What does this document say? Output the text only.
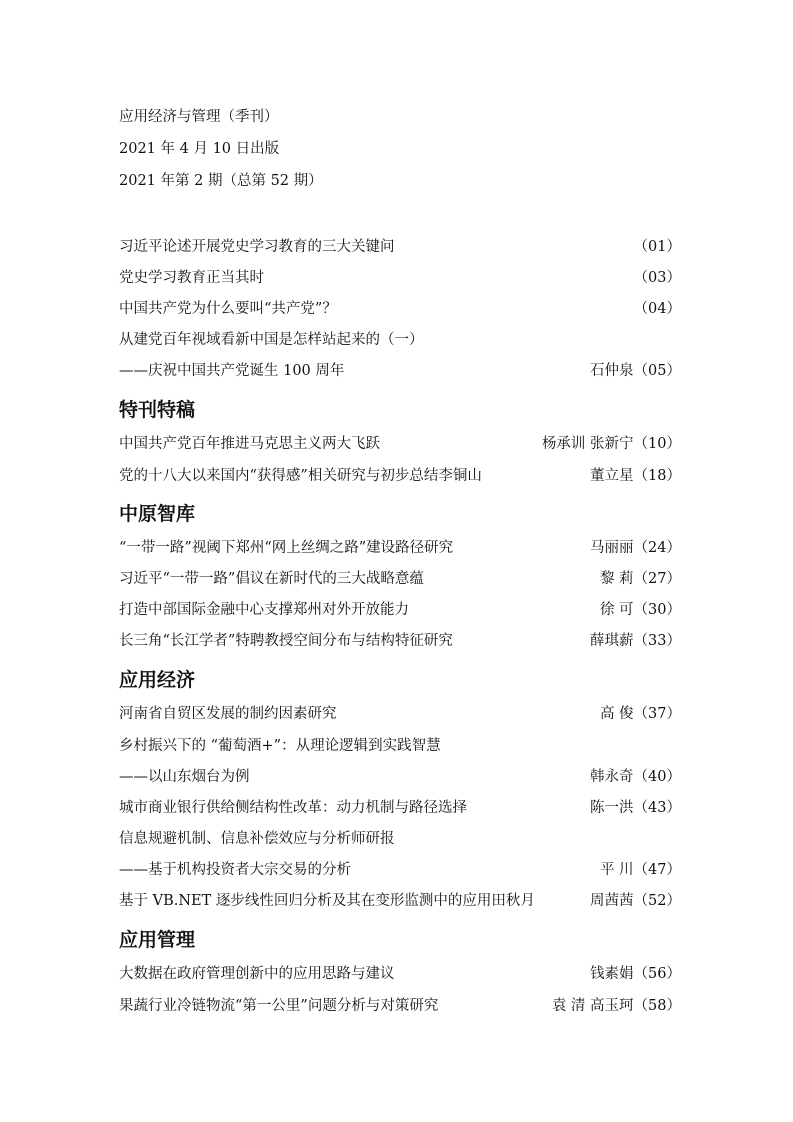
应用经济与管理（季刊）
2021 年 4 月 10 日出版
2021 年第 2 期（总第 52 期）
习近平论述开展党史学习教育的三大关键问	（01）
党史学习教育正当其时	（03）
中国共产党为什么要叫“共产党”？	（04）
从建党百年视域看新中国是怎样站起来的（一）
——庆祝中国共产党诞生 100 周年	石仲泉（05）
特刊特稿
中国共产党百年推进马克思主义两大飞跃	杨承训 张新宁（10）
党的十八大以来国内“获得感”相关研究与初步总结李铜山	董立星（18）
中原智库
“一带一路”视阈下郑州“网上丝绸之路”建设路径研究	马丽丽（24）
习近平“一带一路”倡议在新时代的三大战略意蕴	黎 莉（27）
打造中部国际金融中心支撑郑州对外开放能力	徐 可（30）
长三角“长江学者”特聘教授空间分布与结构特征研究	薛琪薪（33）
应用经济
河南省自贸区发展的制约因素研究	高 俊（37）
乡村振兴下的 “葡萄酒+”：从理论逻辑到实践智慧
——以山东烟台为例	韩永奇（40）
城市商业银行供给侧结构性改革：动力机制与路径选择	陈一洪（43）
信息规避机制、信息补偿效应与分析师研报
——基于机构投资者大宗交易的分析	平 川（47）
基于 VB.NET 逐步线性回归分析及其在变形监测中的应用田秋月	周茜茜（52）
应用管理
大数据在政府管理创新中的应用思路与建议	钱素娟（56）
果蔬行业冷链物流“第一公里”问题分析与对策研究	袁 清 高玉珂（58）
